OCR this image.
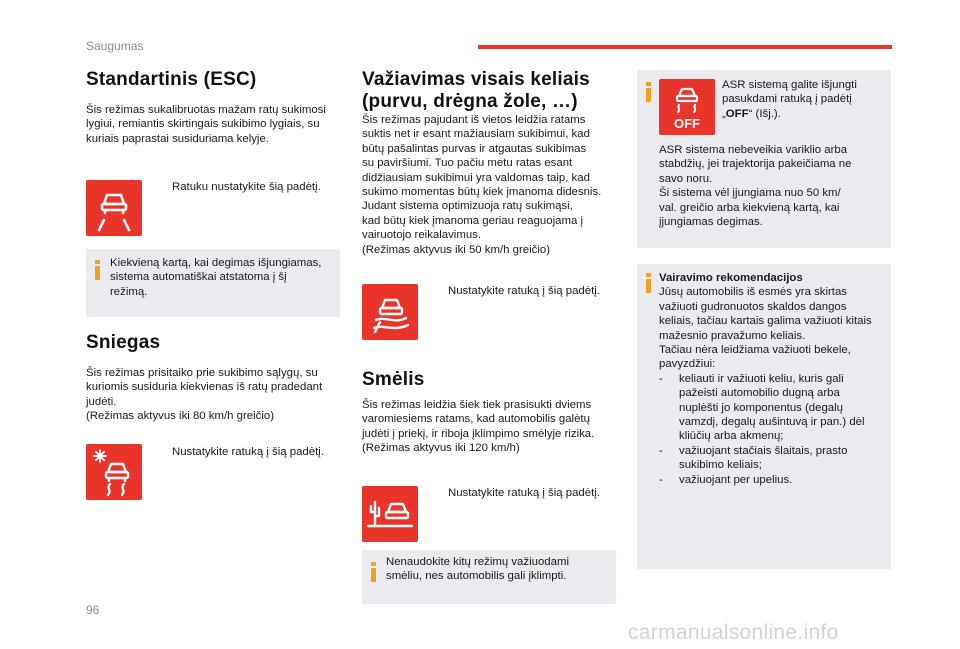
Saugumas
Standartinis (ESC)
Šis režimas sukalibruotas mažam ratų sukimosi
lygiui, remiantis skirtingais sukibimo lygiais, su
kuriais paprastai susiduriama kelyje.
Ratuku nustatykite šią padėtį.
Kiekvieną kartą, kai degimas išjungiamas,
sistema automatiškai atstatoma į šį
režimą.
Sniegas
Šis režimas prisitaiko prie sukibimo sąlygų, su
kuriomis susiduria kiekvienas iš ratų pradedant
judėti.
(Režimas aktyvus iki 80 km/h greičio)
Nustatykite ratuką į šią padėtį.
Važiavimas visais keliais
(purvu, drėgna žole, …)
Šis režimas pajudant iš vietos leidžia ratams
suktis net ir esant mažiausiam sukibimui, kad
būtų pašalintas purvas ir atgautas sukibimas
su paviršiumi. Tuo pačiu metu ratas esant
didžiausiam sukibimui yra valdomas taip, kad
sukimo momentas būtų kiek įmanoma didesnis.
Judant sistema optimizuoja ratų sukimąsi,
kad būtų kiek įmanoma geriau reaguojama į
vairuotojo reikalavimus.
(Režimas aktyvus iki 50 km/h greičio)
Nustatykite ratuką į šią padėtį.
Smėlis
Šis režimas leidžia šiek tiek prasisukti dviems
varomiesiems ratams, kad automobilis galėtų
judėti į priekį, ir riboja įklimpimo smėlyje rizika.
(Režimas aktyvus iki 120 km/h)
Nustatykite ratuką į šią padėtį.
Nenaudokite kitų režimų važiuodami
smėliu, nes automobilis gali įklimpti.
OFF
ASR sistemą galite išjungti
pasukdami ratuką į padėtį
„OFF“ (Išj.).
ASR sistema nebeveikia variklio arba
stabdžių, jei trajektorija pakeičiama ne
savo noru.
Ši sistema vėl įjungiama nuo 50 km/
val. greičio arba kiekvieną kartą, kai
įjungiamas degimas.
Vairavimo rekomendacijos
Jūsų automobilis iš esmės yra skirtas
važiuoti gudronuotos skaldos dangos
keliais, tačiau kartais galima važiuoti kitais
mažesnio pravažumo keliais.
Tačiau nėra leidžiama važiuoti bekele,
pavyzdžiui:
- keliauti ir važiuoti keliu, kuris gali
pažeisti automobilio dugną arba
nuplėšti jo komponentus (degalų
vamzdį, degalų aušintuvą ir pan.) dėl
kliūčių arba akmenų;
- važiuojant stačiais šlaitais, prasto
sukibimo keliais;
- važiuojant per upelius.
96
carmanualsonline.info
